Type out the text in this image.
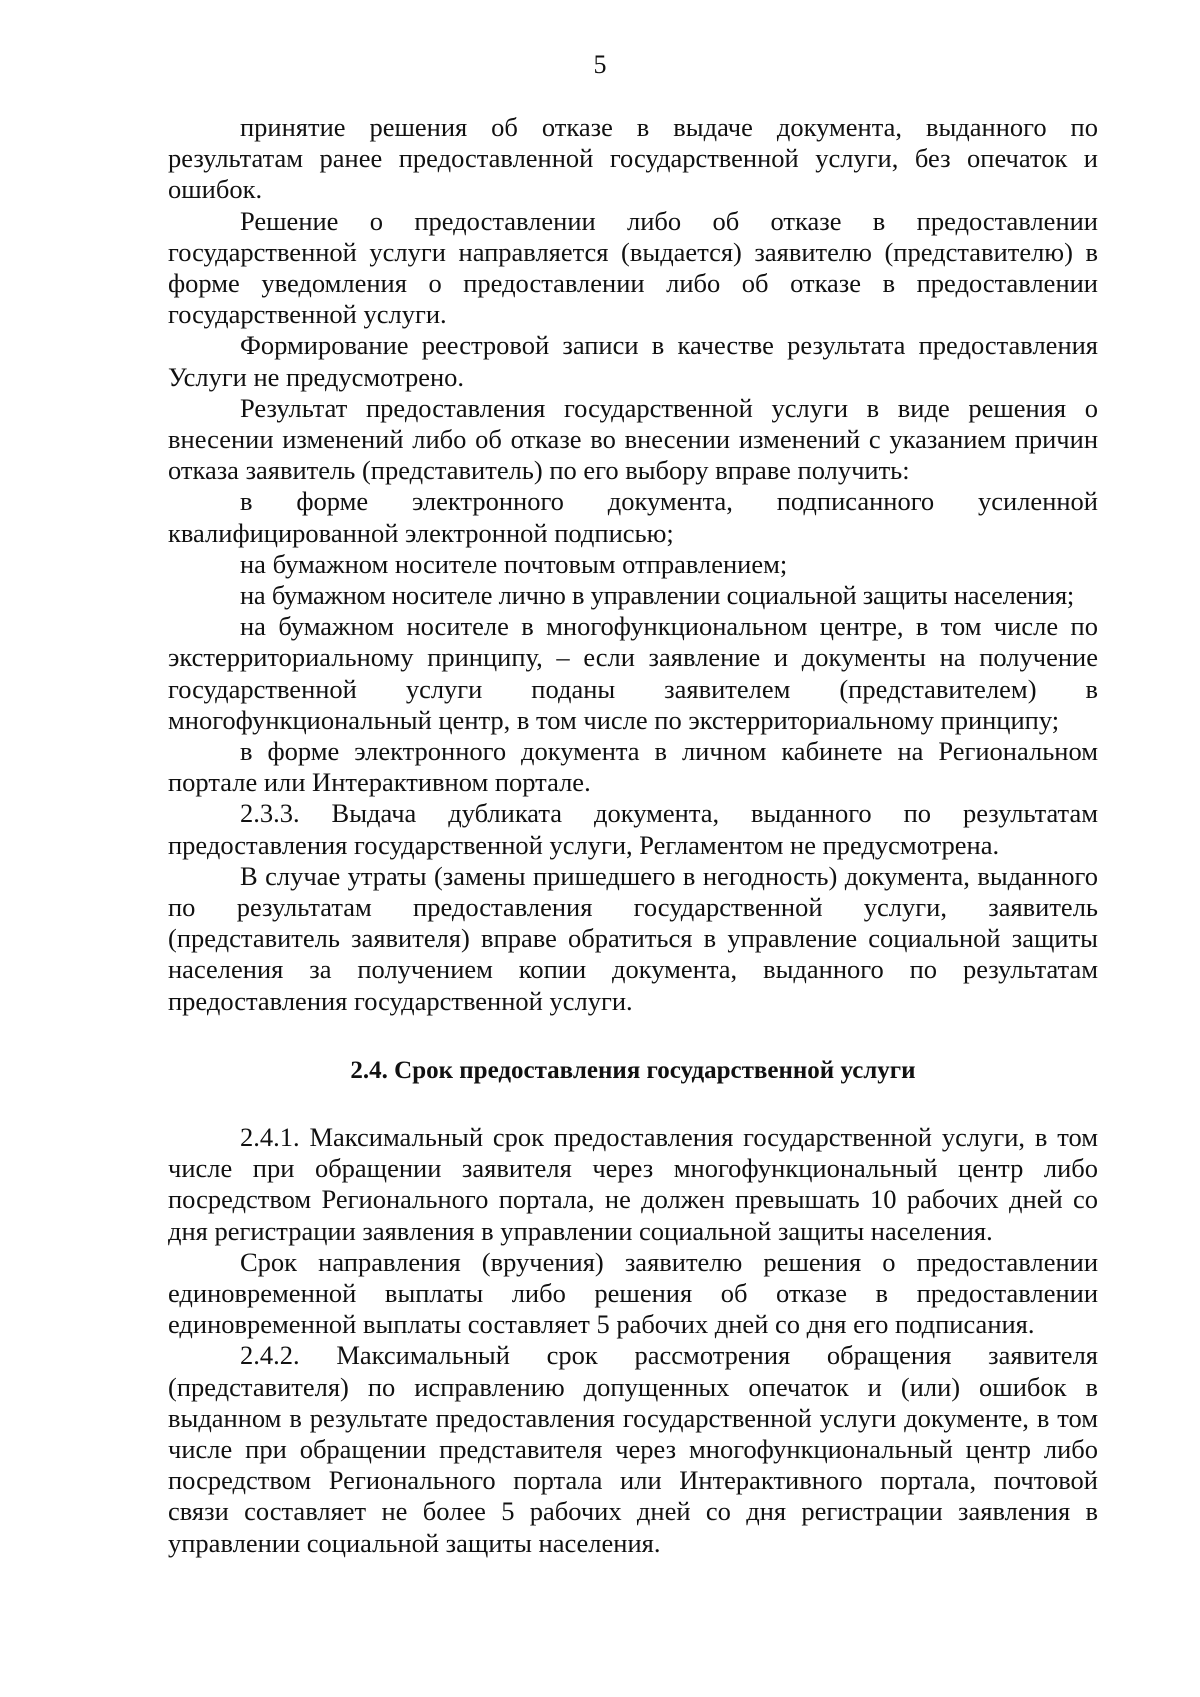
5

принятие решения об отказе в выдаче документа, выданного по результатам ранее предоставленной государственной услуги, без опечаток и ошибок.

Решение о предоставлении либо об отказе в предоставлении государственной услуги направляется (выдается) заявителю (представителю) в форме уведомления о предоставлении либо об отказе в предоставлении государственной услуги.

Формирование реестровой записи в качестве результата предоставления Услуги не предусмотрено.

Результат предоставления государственной услуги в виде решения о внесении изменений либо об отказе во внесении изменений с указанием причин отказа заявитель (представитель) по его выбору вправе получить:

в форме электронного документа, подписанного усиленной квалифицированной электронной подписью;

на бумажном носителе почтовым отправлением;

на бумажном носителе лично в управлении социальной защиты населения;

на бумажном носителе в многофункциональном центре, в том числе по экстерриториальному принципу, – если заявление и документы на получение государственной услуги поданы заявителем (представителем) в многофункциональный центр, в том числе по экстерриториальному принципу;

в форме электронного документа в личном кабинете на Региональном портале или Интерактивном портале.

2.3.3. Выдача дубликата документа, выданного по результатам предоставления государственной услуги, Регламентом не предусмотрена.

В случае утраты (замены пришедшего в негодность) документа, выданного по результатам предоставления государственной услуги, заявитель (представитель заявителя) вправе обратиться в управление социальной защиты населения за получением копии документа, выданного по результатам предоставления государственной услуги.

2.4. Срок предоставления государственной услуги

2.4.1. Максимальный срок предоставления государственной услуги, в том числе при обращении заявителя через многофункциональный центр либо посредством Регионального портала, не должен превышать 10 рабочих дней со дня регистрации заявления в управлении социальной защиты населения.

Срок направления (вручения) заявителю решения о предоставлении единовременной выплаты либо решения об отказе в предоставлении единовременной выплаты составляет 5 рабочих дней со дня его подписания.

2.4.2. Максимальный срок рассмотрения обращения заявителя (представителя) по исправлению допущенных опечаток и (или) ошибок в выданном в результате предоставления государственной услуги документе, в том числе при обращении представителя через многофункциональный центр либо посредством Регионального портала или Интерактивного портала, почтовой связи составляет не более 5 рабочих дней со дня регистрации заявления в управлении социальной защиты населения.
